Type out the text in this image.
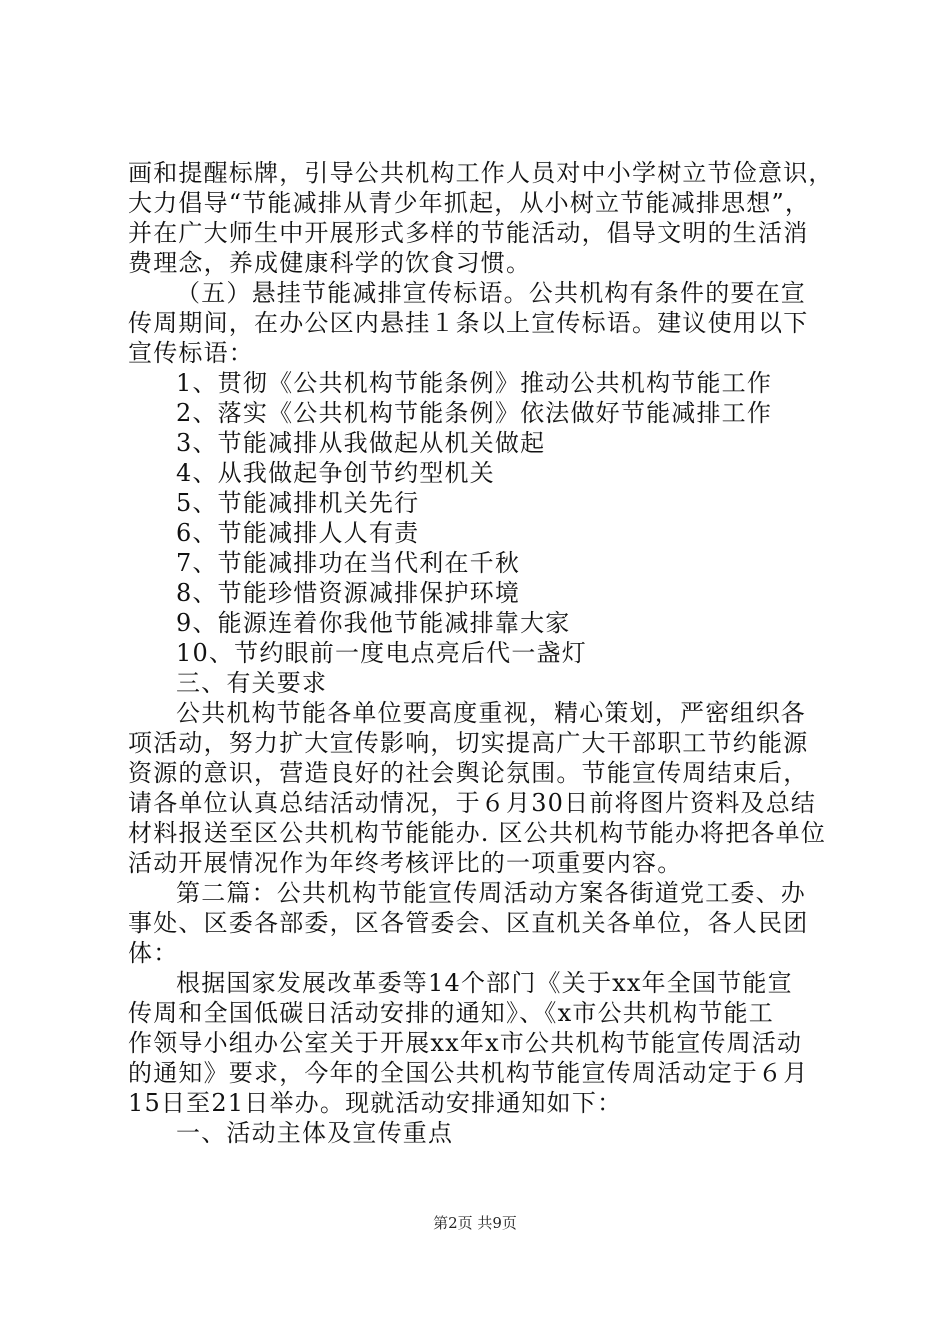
画和提醒标牌，引导公共机构工作人员对中小学树立节俭意识，
大力倡导“节能减排从青少年抓起，从小树立节能减排思想”，
并在广大师生中开展形式多样的节能活动，倡导文明的生活消
费理念，养成健康科学的饮食习惯。
（五）悬挂节能减排宣传标语。公共机构有条件的要在宣
传周期间，在办公区内悬挂１条以上宣传标语。建议使用以下
宣传标语：
1、贯彻《公共机构节能条例》推动公共机构节能工作
2、落实《公共机构节能条例》依法做好节能减排工作
3、节能减排从我做起从机关做起
4、从我做起争创节约型机关
5、节能减排机关先行
6、节能减排人人有责
7、节能减排功在当代利在千秋
8、节能珍惜资源减排保护环境
9、能源连着你我他节能减排靠大家
10、节约眼前一度电点亮后代一盏灯
三、有关要求
公共机构节能各单位要高度重视，精心策划，严密组织各
项活动，努力扩大宣传影响，切实提高广大干部职工节约能源
资源的意识，营造良好的社会舆论氛围。节能宣传周结束后，
请各单位认真总结活动情况，于６月30日前将图片资料及总结
材料报送至区公共机构节能能办. 区公共机构节能办将把各单位
活动开展情况作为年终考核评比的一项重要内容。
第二篇：公共机构节能宣传周活动方案各街道党工委、办
事处、区委各部委，区各管委会、区直机关各单位，各人民团
体：
根据国家发展改革委等14个部门《关于xx年全国节能宣
传周和全国低碳日活动安排的通知》、《x市公共机构节能工
作领导小组办公室关于开展xx年x市公共机构节能宣传周活动
的通知》要求，今年的全国公共机构节能宣传周活动定于６月
15日至21日举办。现就活动安排通知如下：
一、活动主体及宣传重点
第2页 共9页
